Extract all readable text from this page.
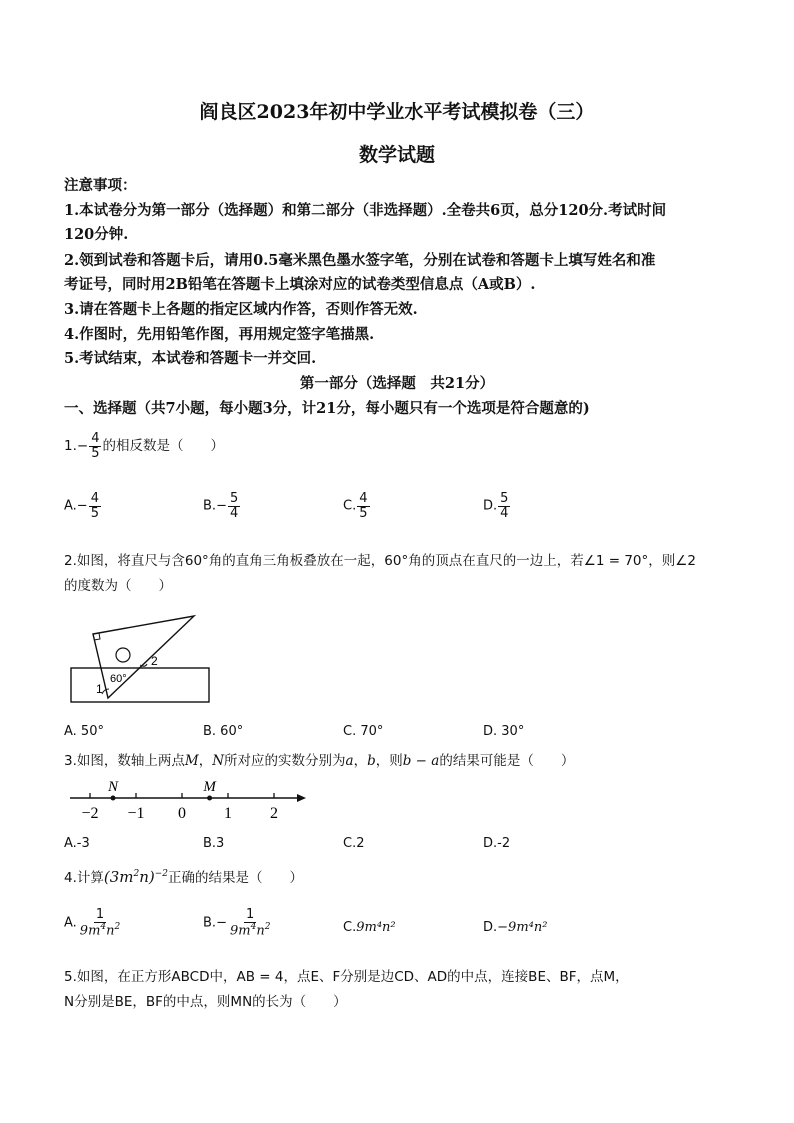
阎良区2023年初中学业水平考试模拟卷（三）
数学试题
注意事项：
1.本试卷分为第一部分（选择题）和第二部分（非选择题）.全卷共6页，总分120分.考试时间
120分钟.
2.领到试卷和答题卡后，请用0.5毫米黑色墨水签字笔，分别在试卷和答题卡上填写姓名和准
考证号，同时用2B铅笔在答题卡上填涂对应的试卷类型信息点（A或B）.
3.请在答题卡上各题的指定区域内作答，否则作答无效.
4.作图时，先用铅笔作图，再用规定签字笔描黑.
5.考试结束，本试卷和答题卡一并交回.
第一部分（选择题　共21分）
一、选择题（共7小题，每小题3分，计21分，每小题只有一个选项是符合题意的)
$1.- \frac{4}{5}$ 的相反数是（　　）
$A.- \frac{4}{5}$	$B.- \frac{5}{4}$	C. $\frac{4}{5}$	D. $\frac{5}{4}$
2.如图，将直尺与含60°角的直角三角板叠放在一起，60°角的顶点在直尺的一边上，若∠1 = 70°，则∠2
的度数为（　　）
2
1
60°
A. 50°	B. 60°	C. 70°	D. 30°
3.如图，数轴上两点M，N所对应的实数分别为a，b，则b − a的结果可能是（　　）
−2 −1 0 1 2
N	M
A.-3	B.3	C.2	D.-2
4.计算$(3m^2n)^{-2}$正确的结果是（　　）
A. $\frac{1}{9m^4n^2}$	$B.- \frac{1}{9m^4n^2}$	C.9m⁴n²	D.−9m⁴n²
5.如图，在正方形ABCD中，AB = 4，点E、F分别是边CD、AD的中点，连接BE、BF，点M，
N分别是BE，BF的中点，则MN的长为（　　）
